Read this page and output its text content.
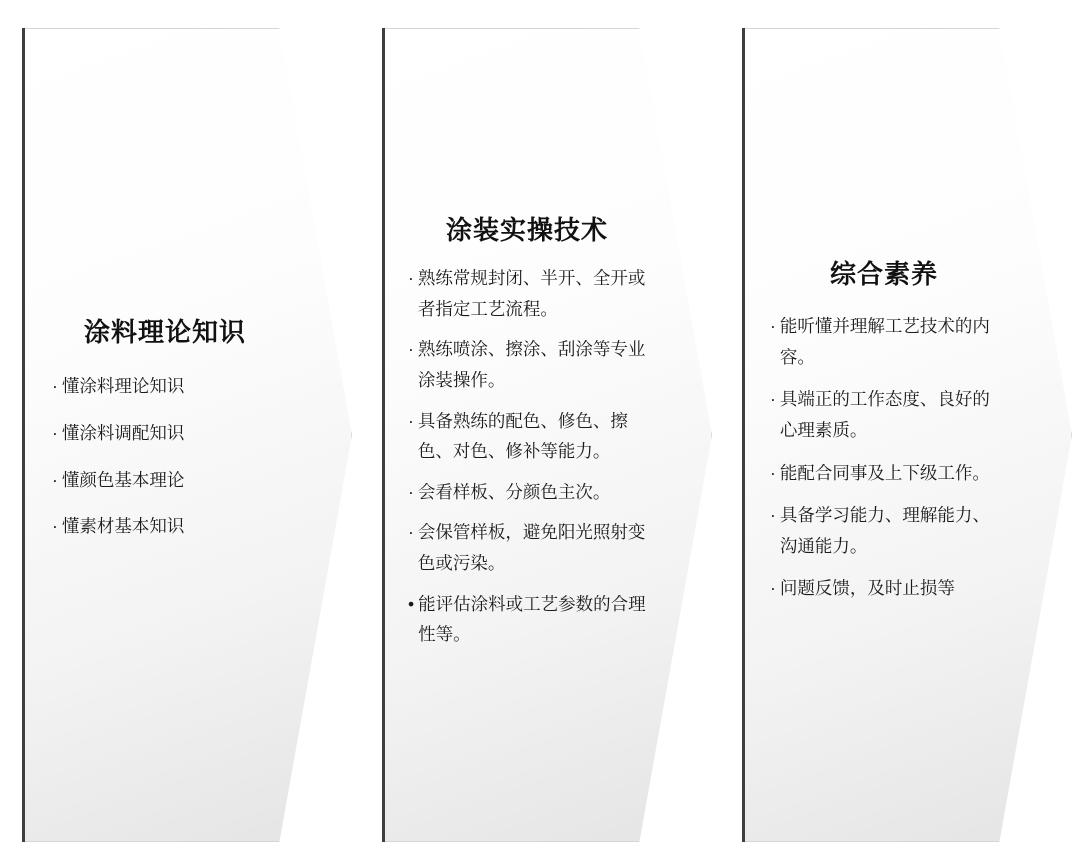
涂料理论知识
· 懂涂料理论知识
· 懂涂料调配知识
· 懂颜色基本理论
· 懂素材基本知识
涂装实操技术
· 熟练常规封闭、半开、全开或者指定工艺流程。
· 熟练喷涂、擦涂、刮涂等专业涂装操作。
· 具备熟练的配色、修色、擦色、对色、修补等能力。
· 会看样板、分颜色主次。
· 会保管样板，避免阳光照射变色或污染。
• 能评估涂料或工艺参数的合理性等。
综合素养
· 能听懂并理解工艺技术的内容。
· 具端正的工作态度、良好的心理素质。
· 能配合同事及上下级工作。
· 具备学习能力、理解能力、沟通能力。
· 问题反馈，及时止损等
